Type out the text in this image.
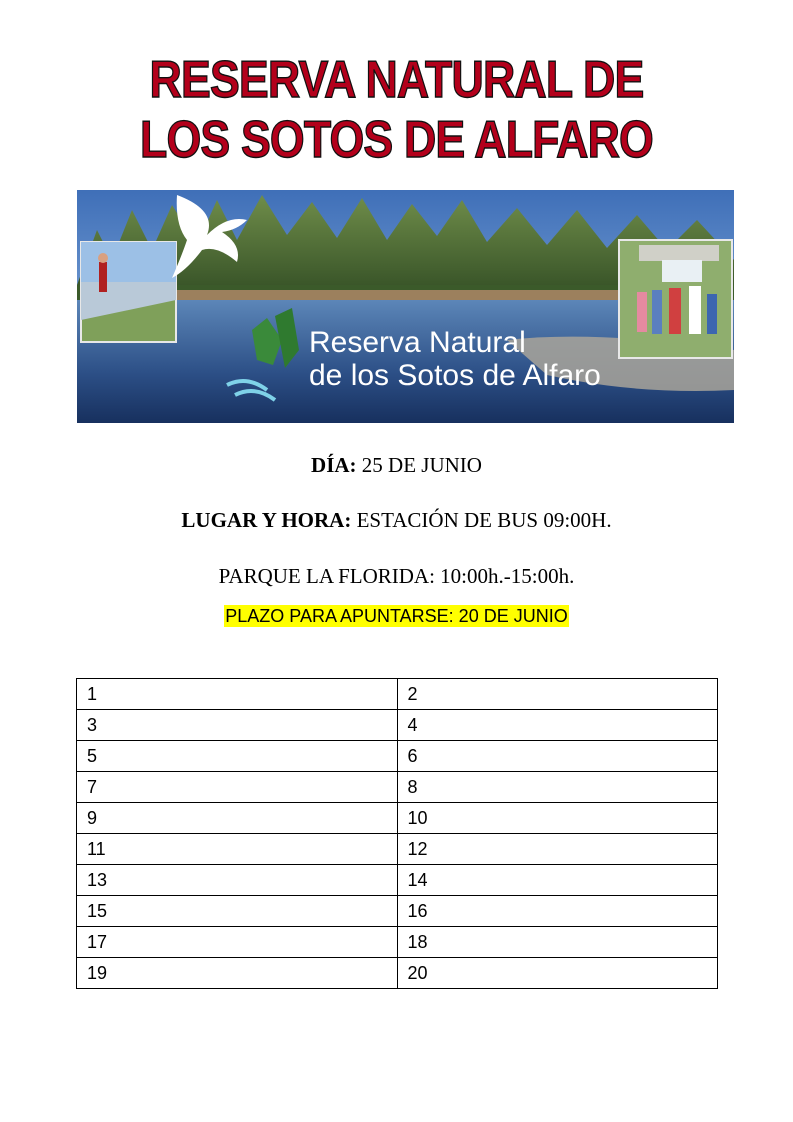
RESERVA NATURAL DE
LOS SOTOS DE ALFARO
Reserva Natural
de los Sotos de Alfaro
DÍA: 25 DE JUNIO
LUGAR Y HORA: ESTACIÓN DE BUS 09:00H.
PARQUE LA FLORIDA: 10:00h.-15:00h.
PLAZO PARA APUNTARSE: 20 DE JUNIO
1	2
3	4
5	6
7	8
9	10
11	12
13	14
15	16
17	18
19	20
